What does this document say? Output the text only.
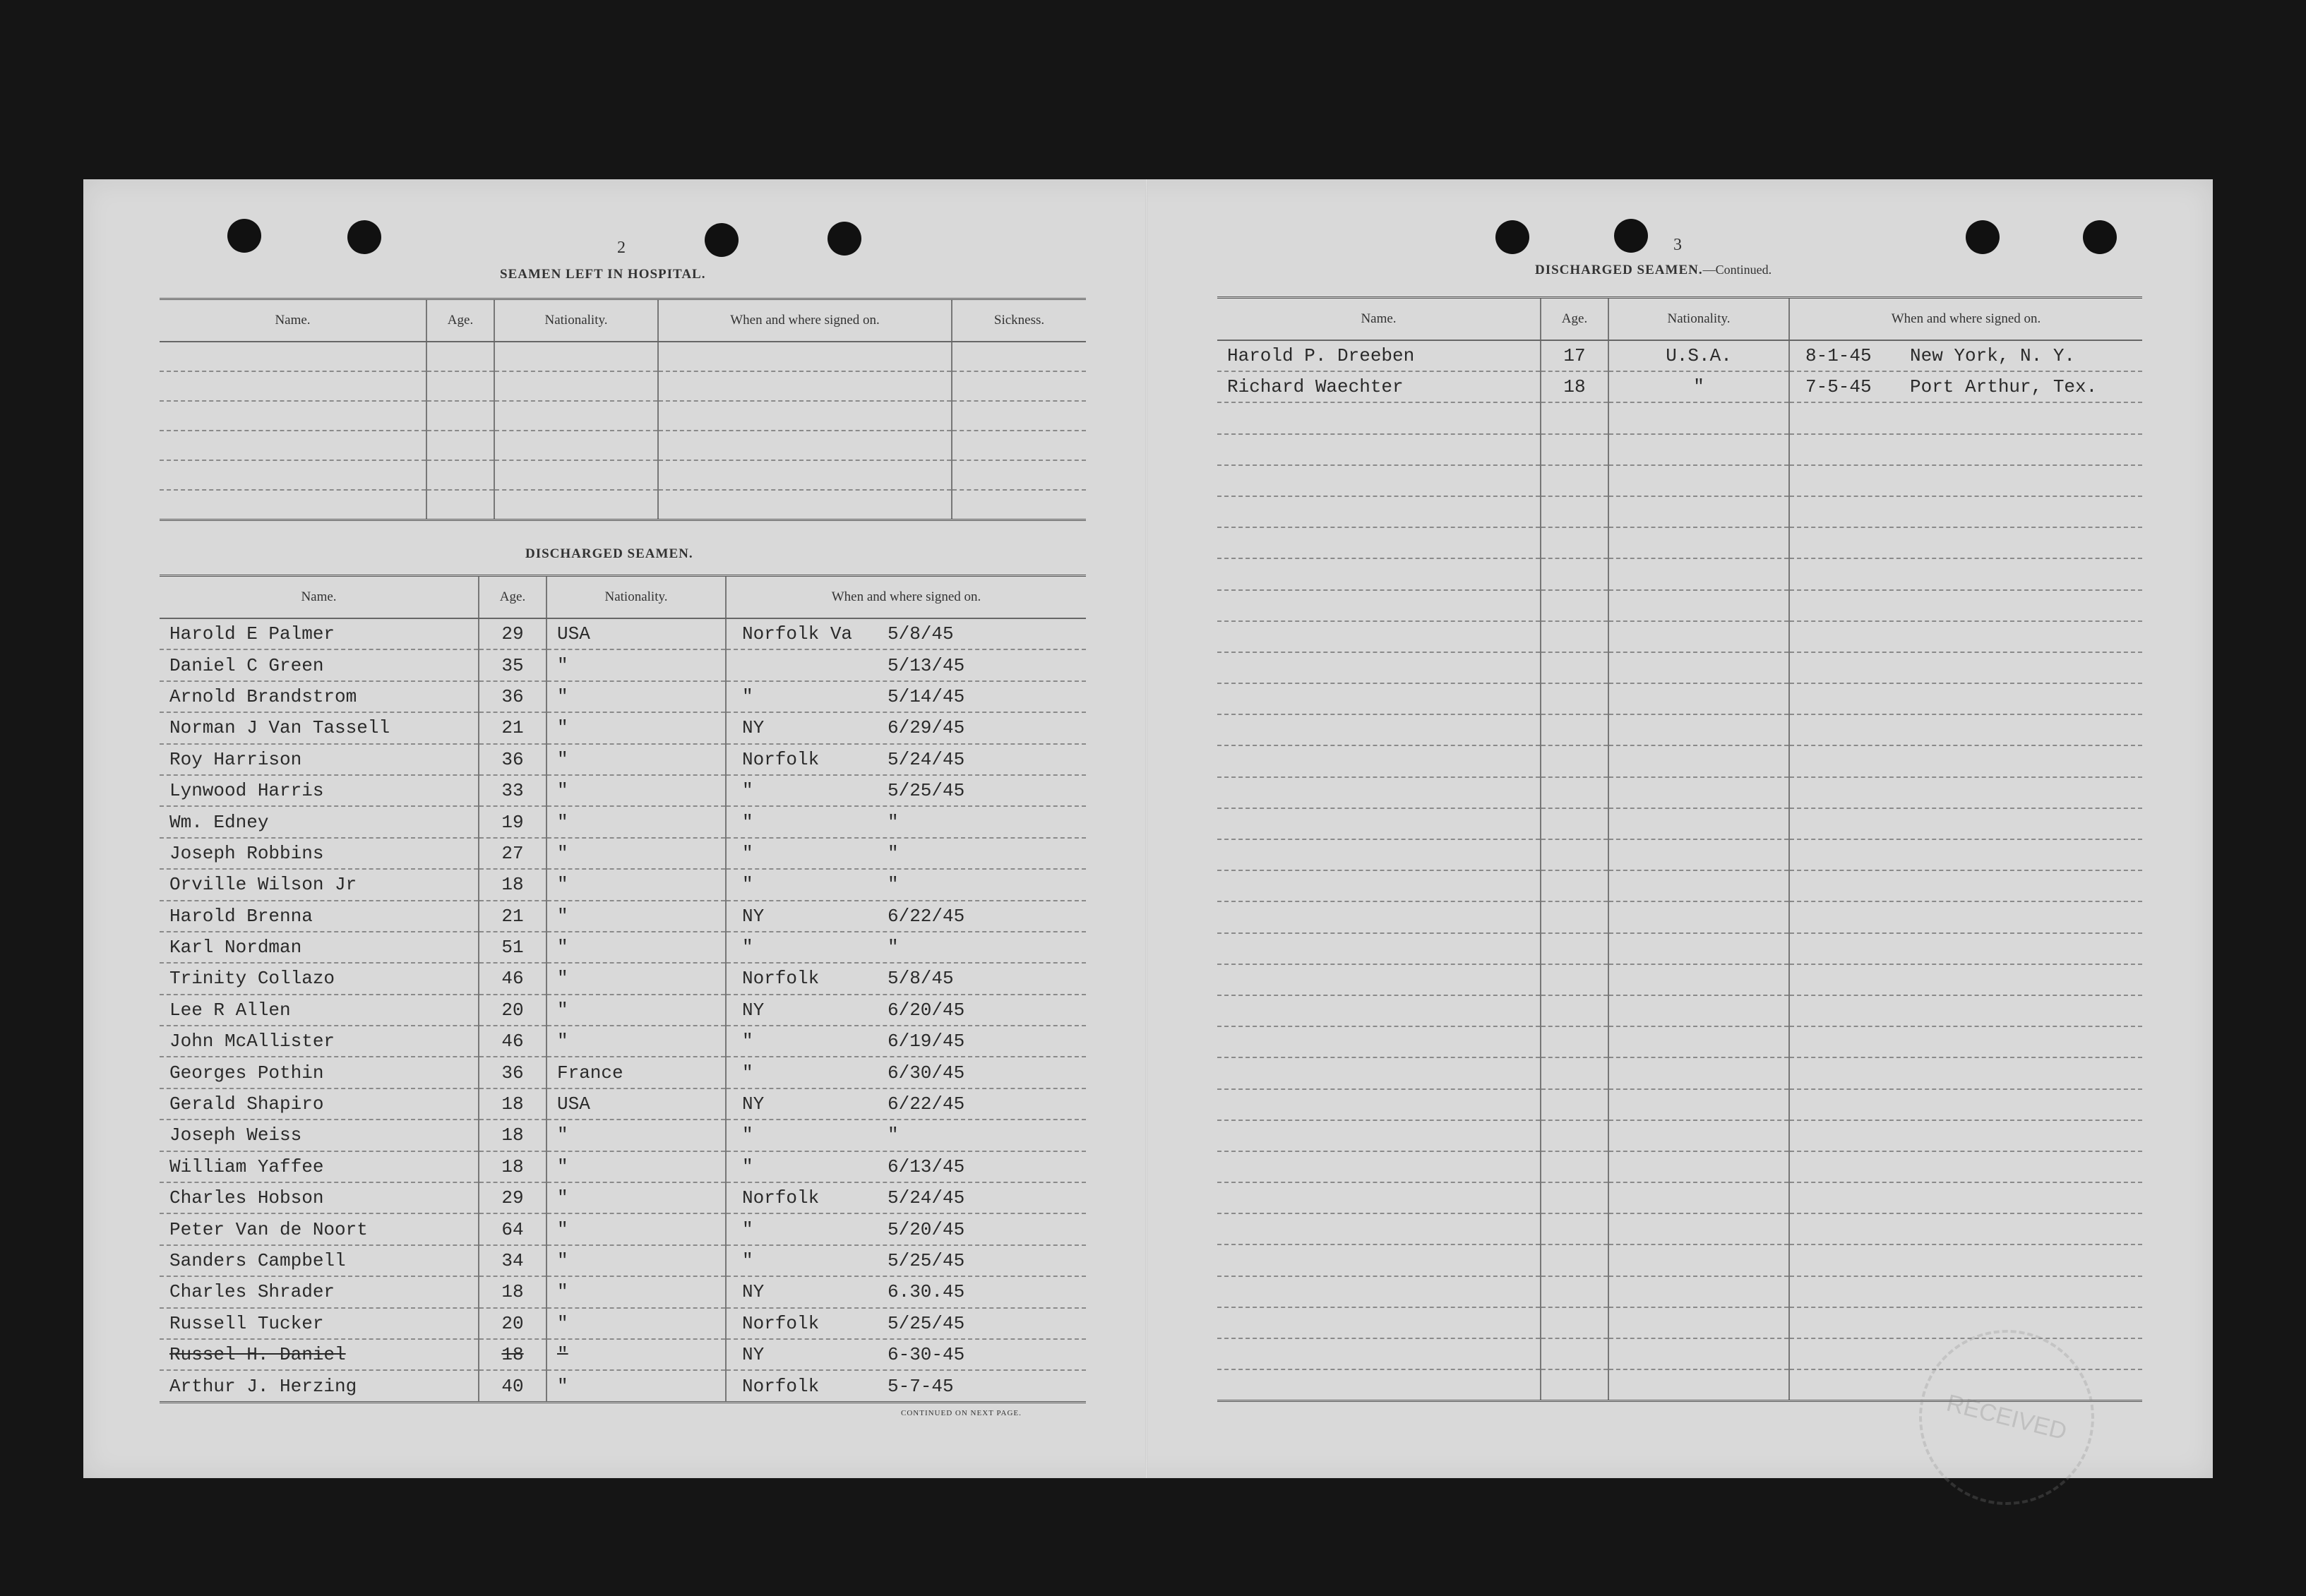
2
SEAMEN LEFT IN HOSPITAL.
Name.	Age.	Nationality.	When and where signed on.	Sickness.

DISCHARGED SEAMEN.
Name.	Age.	Nationality.	When and where signed on.
Harold E Palmer	29	USA	Norfolk Va 5/8/45

Daniel C Green	35	"	5/13/45

Arnold Brandstrom	36	"	" 5/14/45

Norman J Van Tassell	21	"	NY 6/29/45

Roy Harrison	36	"	Norfolk 5/24/45

Lynwood Harris	33	"	" 5/25/45

Wm. Edney	19	"	" "

Joseph Robbins	27	"	" "

Orville Wilson Jr	18	"	" "

Harold Brenna	21	"	NY 6/22/45

Karl Nordman	51	"	" "

Trinity Collazo	46	"	Norfolk 5/8/45

Lee R Allen	20	"	NY 6/20/45

John McAllister	46	"	" 6/19/45

Georges Pothin	36	France	" 6/30/45

Gerald Shapiro	18	USA	NY 6/22/45

Joseph Weiss	18	"	" "

William Yaffee	18	"	" 6/13/45

Charles Hobson	29	"	Norfolk 5/24/45

Peter Van de Noort	64	"	" 5/20/45

Sanders Campbell	34	"	" 5/25/45

Charles Shrader	18	"	NY 6.30.45

Russell Tucker	20	"	Norfolk 5/25/45

Russel H. Daniel	18	"	NY 6-30-45

Arthur J. Herzing	40	"	Norfolk 5-7-45
CONTINUED ON NEXT PAGE.
3
DISCHARGED SEAMEN.—Continued.
Name.	Age.	Nationality.	When and where signed on.
Harold P. Dreeben	17	U.S.A.	8-1-45 New York, N. Y.

Richard Waechter	18	"	7-5-45 Port Arthur, Tex.

RECEIVED
